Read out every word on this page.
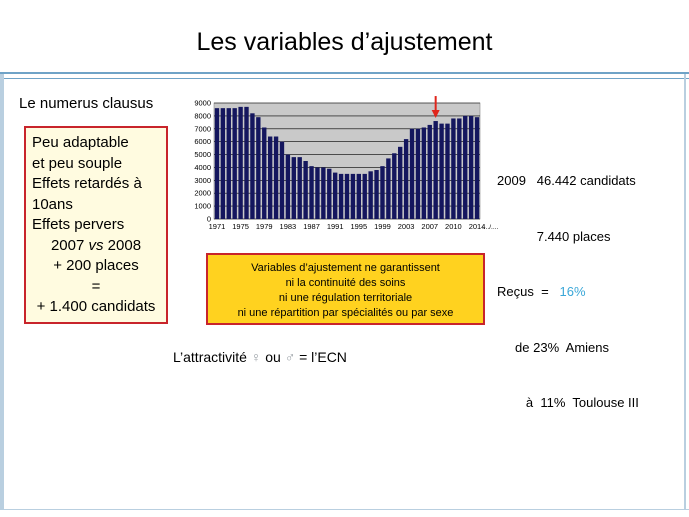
Les variables d’ajustement
Le numerus clausus
Peu adaptable
et peu souple
Effets retardés à
10ans
Effets pervers
2007 vs 2008
+ 200 places
=
+ 1.400 candidats
0
1000
2000
3000
4000
5000
6000
7000
8000
9000
1971 1975 1979 1983 1987 1991 1995 1999 2003 2007 2010 2014
..../....

2009   46.442 candidats

7.440 places

Reçus  =   16%

de 23%  Amiens

à  11%  Toulouse III

Variables d’ajustement ne garantissent
ni la continuité des soins
ni une régulation territoriale
ni une répartition par spécialités ou par sexe
L’attractivité ♀ ou ♂ = l’ECN
